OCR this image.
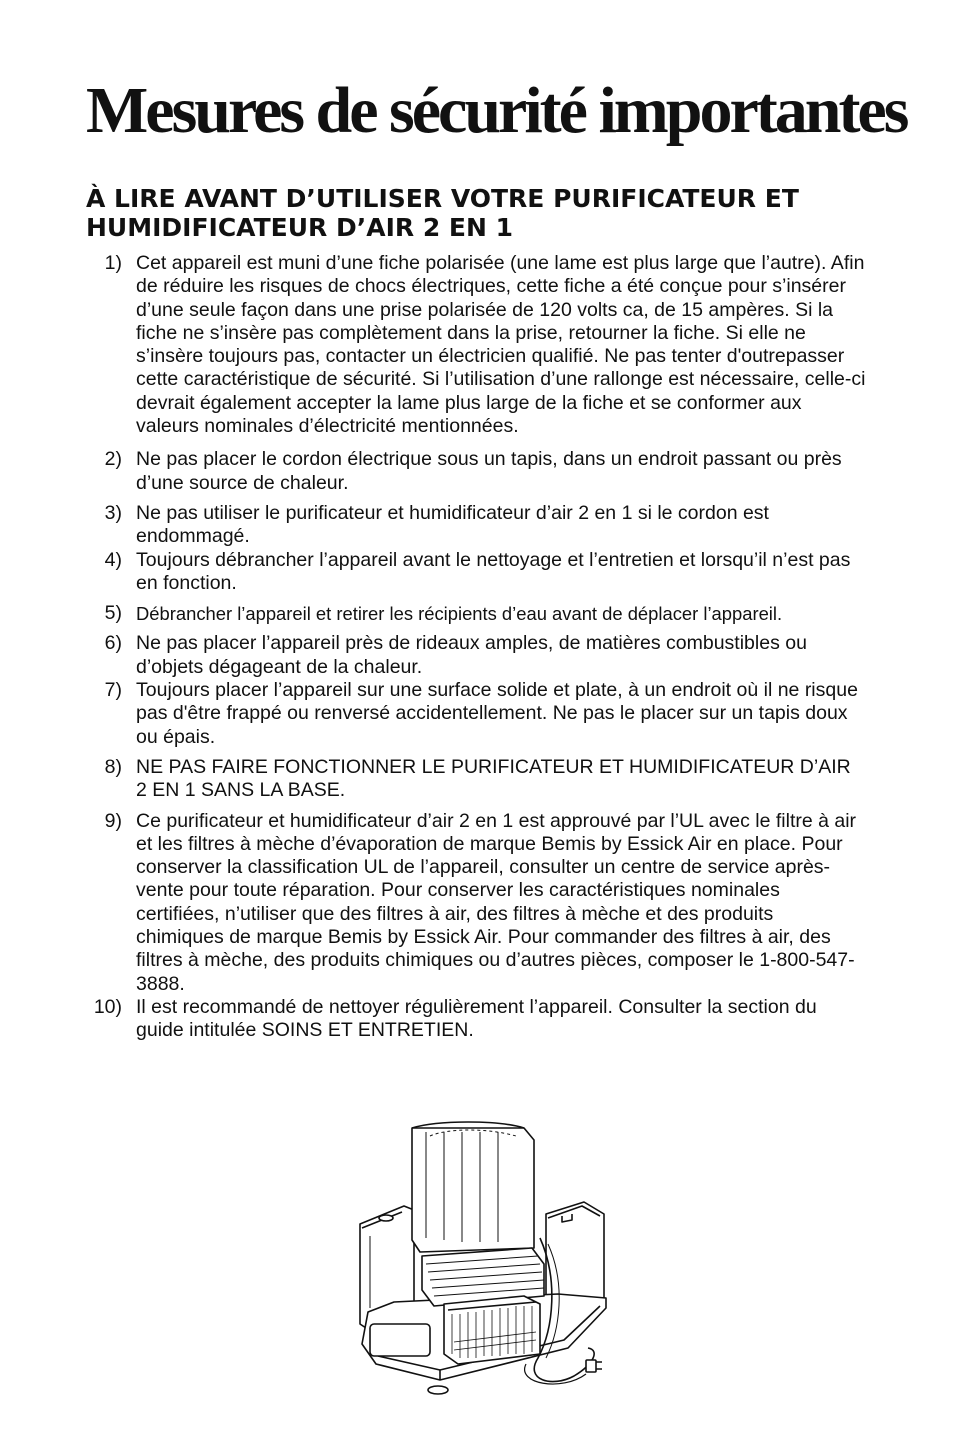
Mesures de sécurité importantes
À LIRE AVANT D’UTILISER VOTRE PURIFICATEUR ET HUMIDIFICATEUR D’AIR 2 EN 1
1) Cet appareil est muni d’une fiche polarisée (une lame est plus large que l’autre). Afin de réduire les risques de chocs électriques, cette fiche a été conçue pour s’insérer d’une seule façon dans une prise polarisée de 120 volts ca, de 15 ampères. Si la fiche ne s’insère pas complètement dans la prise, retourner la fiche. Si elle ne s’insère toujours pas, contacter un électricien qualifié. Ne pas tenter d'outrepasser cette caractéristique de sécurité. Si l’utilisation d’une rallonge est nécessaire, celle-ci devrait également accepter la lame plus large de la fiche et se conformer aux valeurs nominales d’électricité mentionnées.
2) Ne pas placer le cordon électrique sous un tapis, dans un endroit passant ou près d’une source de chaleur.
3) Ne pas utiliser le purificateur et humidificateur d’air 2 en 1 si le cordon est endommagé.
4) Toujours débrancher l’appareil avant le nettoyage et l’entretien et lorsqu’il n’est pas en fonction.
5) Débrancher l’appareil et retirer les récipients d’eau avant de déplacer l’appareil.
6) Ne pas placer l’appareil près de rideaux amples, de matières combustibles ou d’objets dégageant de la chaleur.
7) Toujours placer l’appareil sur une surface solide et plate, à un endroit où il ne risque pas d'être frappé ou renversé accidentellement. Ne pas le placer sur un tapis doux ou épais.
8) NE PAS FAIRE FONCTIONNER LE PURIFICATEUR ET HUMIDIFICATEUR D’AIR 2 EN 1 SANS LA BASE.
9) Ce purificateur et humidificateur d’air 2 en 1 est approuvé par l’UL avec le filtre à air et les filtres à mèche d’évaporation de marque Bemis by Essick Air en place. Pour conserver la classification UL de l’appareil, consulter un centre de service après-vente pour toute réparation. Pour conserver les caractéristiques nominales certifiées, n’utiliser que des filtres à air, des filtres à mèche et des produits chimiques de marque Bemis by Essick Air. Pour commander des filtres à air, des filtres à mèche, des produits chimiques ou d’autres pièces, composer le 1-800-547-3888.
10) Il est recommandé de nettoyer régulièrement l’appareil. Consulter la section du guide intitulée SOINS ET ENTRETIEN.
